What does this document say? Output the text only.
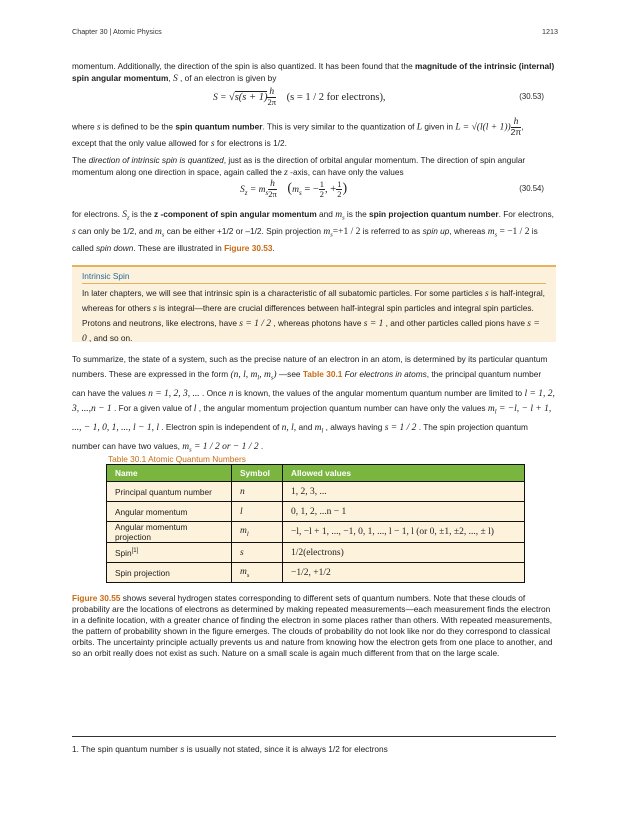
Chapter 30 | Atomic Physics	1213
momentum. Additionally, the direction of the spin is also quantized. It has been found that the magnitude of the intrinsic (internal) spin angular momentum, S , of an electron is given by
$S = √s(s + 1) \frac{h}{2\pi} (s = 1 / 2$ for electrons),	(30.53)
where s is defined to be the spin quantum number. This is very similar to the quantization of L given in $L = √(l(l + 1)) \frac{h}{2\pi}$ ,
except that the only value allowed for s for electrons is 1/2.
The direction of intrinsic spin is quantized, just as is the direction of orbital angular momentum. The direction of spin angular momentum along one direction in space, again called the z -axis, can have only the values
$S_z = m_s \frac{h}{2\pi} (m_s$ = − $\frac{1}{2}$ , + $\frac{1}{2}$ )	(30.54)
for electrons. $S_z$ is the z -component of spin angular momentum and $m_s$ is the spin projection quantum number. For electrons, s can only be 1/2, and $m_s$ can be either +1/2 or –1/2. Spin projection $m_s=+1 / 2$ is referred to as spin up, whereas $m_s = -1 / 2$ is called spin down. These are illustrated in Figure 30.53.
Intrinsic Spin
In later chapters, we will see that intrinsic spin is a characteristic of all subatomic particles. For some particles s is half-integral, whereas for others s is integral—there are crucial differences between half-integral spin particles and integral spin particles. Protons and neutrons, like electrons, have s = 1 / 2 , whereas photons have s = 1 , and other particles called pions have s = 0 , and so on.
To summarize, the state of a system, such as the precise nature of an electron in an atom, is determined by its particular quantum numbers. These are expressed in the form (n, l, $m_l$, $m_s$) —see Table 30.1 For electrons in atoms, the principal quantum number can have the values n = 1, 2, 3, ... . Once n is known, the values of the angular momentum quantum number are limited to l = 1, 2, 3, ...,n − 1 . For a given value of l , the angular momentum projection quantum number can have only the values $m_l = -l$, − l + 1, ..., − 1, 0, 1, ..., l − 1, l . Electron spin is independent of n, l, and $m_l$ , always having s = 1 / 2 . The spin projection quantum number can have two values, $m_s = 1 / 2$ or − 1 / 2 .
Table 30.1 Atomic Quantum Numbers
Name	Symbol	Allowed values
Principal quantum number	n	1, 2, 3, ...
Angular momentum	l	0, 1, 2, ...n − 1
Angular momentum projection	$m_l$	−l, −l + 1, ..., −1, 0, 1, ..., l − 1, l (or 0, ±1, ±2, ..., ± l)
Spin[1]	s	1/2(electrons)
Spin projection	$m_s$	−1/2, +1/2
Figure 30.55 shows several hydrogen states corresponding to different sets of quantum numbers. Note that these clouds of probability are the locations of electrons as determined by making repeated measurements—each measurement finds the electron in a definite location, with a greater chance of finding the electron in some places rather than others. With repeated measurements, the pattern of probability shown in the figure emerges. The clouds of probability do not look like nor do they correspond to classical orbits. The uncertainty principle actually prevents us and nature from knowing how the electron gets from one place to another, and so an orbit really does not exist as such. Nature on a small scale is again much different from that on the large scale.
1. The spin quantum number s is usually not stated, since it is always 1/2 for electrons
